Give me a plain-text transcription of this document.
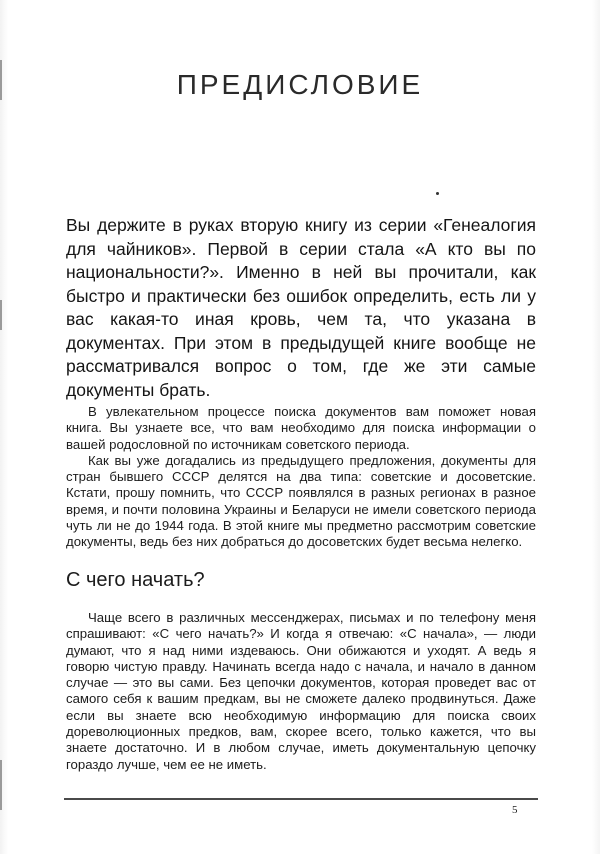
ПРЕДИСЛОВИЕ

Вы держите в руках вторую книгу из серии «Генеалогия для чайников». Первой в серии стала «А кто вы по национальности?». Именно в ней вы прочитали, как быстро и практически без ошибок определить, есть ли у вас какая-то иная кровь, чем та, что указана в документах. При этом в предыдущей книге вообще не рассматривался вопрос о том, где же эти самые документы брать.

В увлекательном процессе поиска документов вам поможет новая книга. Вы узнаете все, что вам необходимо для поиска информации о вашей родословной по источникам советского периода.

Как вы уже догадались из предыдущего предложения, документы для стран бывшего СССР делятся на два типа: советские и досоветские. Кстати, прошу помнить, что СССР появлялся в разных регионах в разное время, и почти половина Украины и Беларуси не имели советского периода чуть ли не до 1944 года. В этой книге мы предметно рассмотрим советские документы, ведь без них добраться до досоветских будет весьма нелегко.

С чего начать?

Чаще всего в различных мессенджерах, письмах и по телефону меня спрашивают: «С чего начать?» И когда я отвечаю: «С начала», — люди думают, что я над ними издеваюсь. Они обижаются и уходят. А ведь я говорю чистую правду. Начинать всегда надо с начала, и начало в данном случае — это вы сами. Без цепочки документов, которая проведет вас от самого себя к вашим предкам, вы не сможете далеко продвинуться. Даже если вы знаете всю необходимую информацию для поиска своих дореволюционных предков, вам, скорее всего, только кажется, что вы знаете достаточно. И в любом случае, иметь документальную цепочку гораздо лучше, чем ее не иметь.

5
